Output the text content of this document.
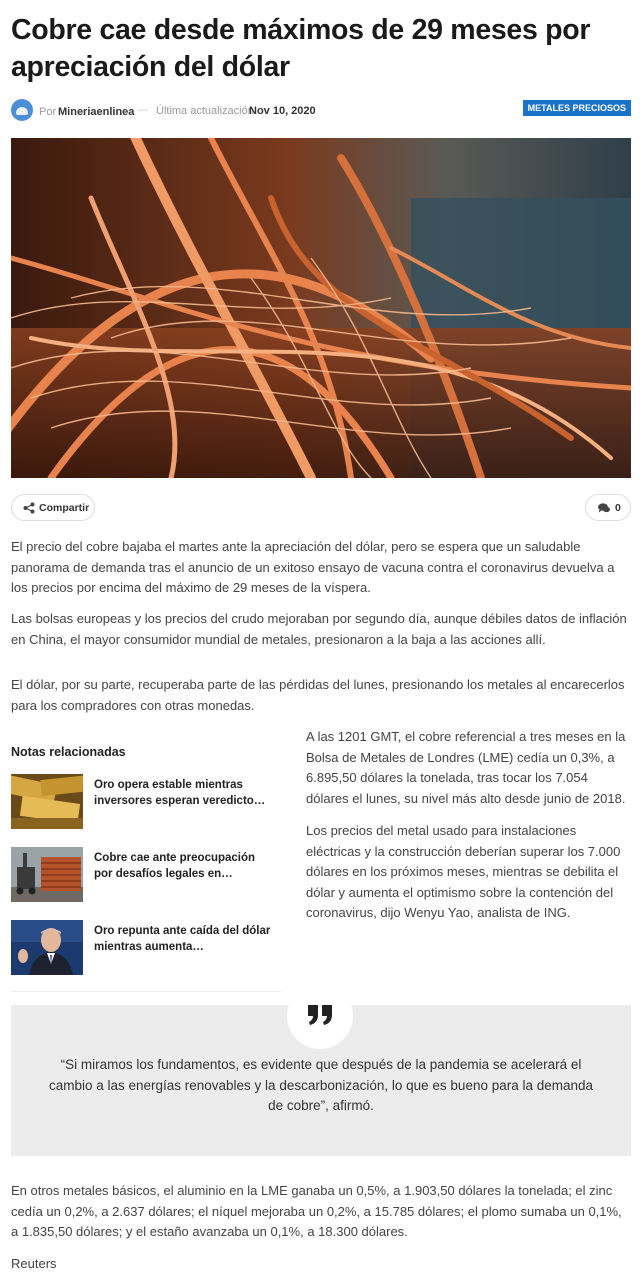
Cobre cae desde máximos de 29 meses por apreciación del dólar
Por Mineriaenlinea — Última actualización
Nov 10, 2020	METALES PRECIOSOS
Compartir	0

El precio del cobre bajaba el martes ante la apreciación del dólar, pero se espera que un saludable panorama de demanda tras el anuncio de un exitoso ensayo de vacuna contra el coronavirus devuelva a los precios por encima del máximo de 29 meses de la víspera.

Las bolsas europeas y los precios del crudo mejoraban por segundo día, aunque débiles datos de inflación en China, el mayor consumidor mundial de metales, presionaron a la baja a las acciones allí.

El dólar, por su parte, recuperaba parte de las pérdidas del lunes, presionando los metales al encarecerlos para los compradores con otras monedas.

Notas relacionadas
Oro opera estable mientras inversores esperan veredicto…
Cobre cae ante preocupación por desafíos legales en…
Oro repunta ante caída del dólar mientras aumenta…

A las 1201 GMT, el cobre referencial a tres meses en la Bolsa de Metales de Londres (LME) cedía un 0,3%, a 6.895,50 dólares la tonelada, tras tocar los 7.054 dólares el lunes, su nivel más alto desde junio de 2018.

Los precios del metal usado para instalaciones eléctricas y la construcción deberían superar los 7.000 dólares en los próximos meses, mientras se debilita el dólar y aumenta el optimismo sobre la contención del coronavirus, dijo Wenyu Yao, analista de ING.

“Si miramos los fundamentos, es evidente que después de la pandemia se acelerará el cambio a las energías renovables y la descarbonización, lo que es bueno para la demanda de cobre”, afirmó.

En otros metales básicos, el aluminio en la LME ganaba un 0,5%, a 1.903,50 dólares la tonelada; el zinc cedía un 0,2%, a 2.637 dólares; el níquel mejoraba un 0,2%, a 15.785 dólares; el plomo sumaba un 0,1%, a 1.835,50 dólares; y el estaño avanzaba un 0,1%, a 18.300 dólares.

Reuters
